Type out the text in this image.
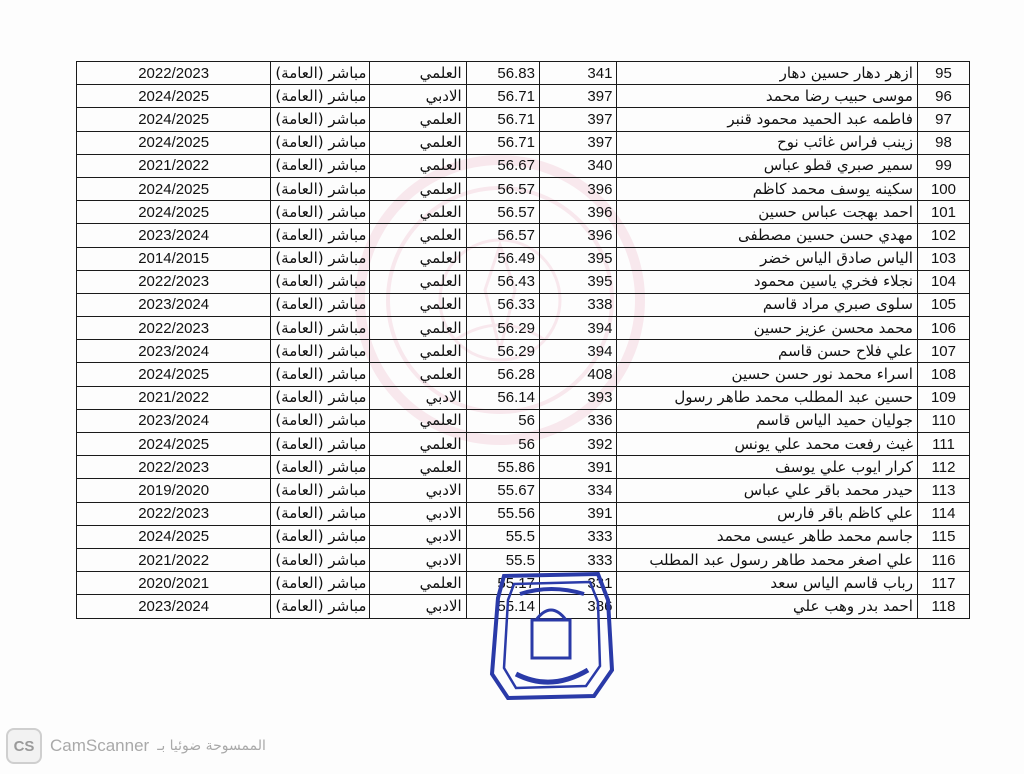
2022/2023	مباشر (العامة)	العلمي	56.83	341	ازهر دهار حسين دهار	95
2024/2025	مباشر (العامة)	الادبي	56.71	397	موسى حبيب رضا محمد	96
2024/2025	مباشر (العامة)	العلمي	56.71	397	فاطمه عبد الحميد محمود قنبر	97
2024/2025	مباشر (العامة)	العلمي	56.71	397	زينب فراس غائب نوح	98
2021/2022	مباشر (العامة)	العلمي	56.67	340	سمير صبري قطو عباس	99
2024/2025	مباشر (العامة)	العلمي	56.57	396	سكينه يوسف محمد كاظم	100
2024/2025	مباشر (العامة)	العلمي	56.57	396	احمد بهجت عباس حسين	101
2023/2024	مباشر (العامة)	العلمي	56.57	396	مهدي حسن حسين مصطفى	102
2014/2015	مباشر (العامة)	العلمي	56.49	395	الياس صادق الياس خضر	103
2022/2023	مباشر (العامة)	العلمي	56.43	395	نجلاء فخري ياسين محمود	104
2023/2024	مباشر (العامة)	العلمي	56.33	338	سلوى صبري مراد قاسم	105
2022/2023	مباشر (العامة)	العلمي	56.29	394	محمد محسن عزيز حسين	106
2023/2024	مباشر (العامة)	العلمي	56.29	394	علي فلاح حسن قاسم	107
2024/2025	مباشر (العامة)	العلمي	56.28	408	اسراء محمد نور حسن حسين	108
2021/2022	مباشر (العامة)	الادبي	56.14	393	حسين عبد المطلب محمد طاهر رسول	109
2023/2024	مباشر (العامة)	العلمي	56	336	جوليان حميد الياس قاسم	110
2024/2025	مباشر (العامة)	العلمي	56	392	غيث رفعت محمد علي يونس	111
2022/2023	مباشر (العامة)	العلمي	55.86	391	كرار ايوب علي يوسف	112
2019/2020	مباشر (العامة)	الادبي	55.67	334	حيدر محمد باقر علي عباس	113
2022/2023	مباشر (العامة)	الادبي	55.56	391	علي كاظم باقر فارس	114
2024/2025	مباشر (العامة)	الادبي	55.5	333	جاسم محمد طاهر عيسى محمد	115
2021/2022	مباشر (العامة)	الادبي	55.5	333	علي اصغر محمد طاهر رسول عبد المطلب	116
2020/2021	مباشر (العامة)	العلمي	55.17	331	رباب قاسم الياس سعد	117
2023/2024	مباشر (العامة)	الادبي	55.14	386	احمد بدر وهب علي	118
CS CamScanner الممسوحة ضوئيا بـ
